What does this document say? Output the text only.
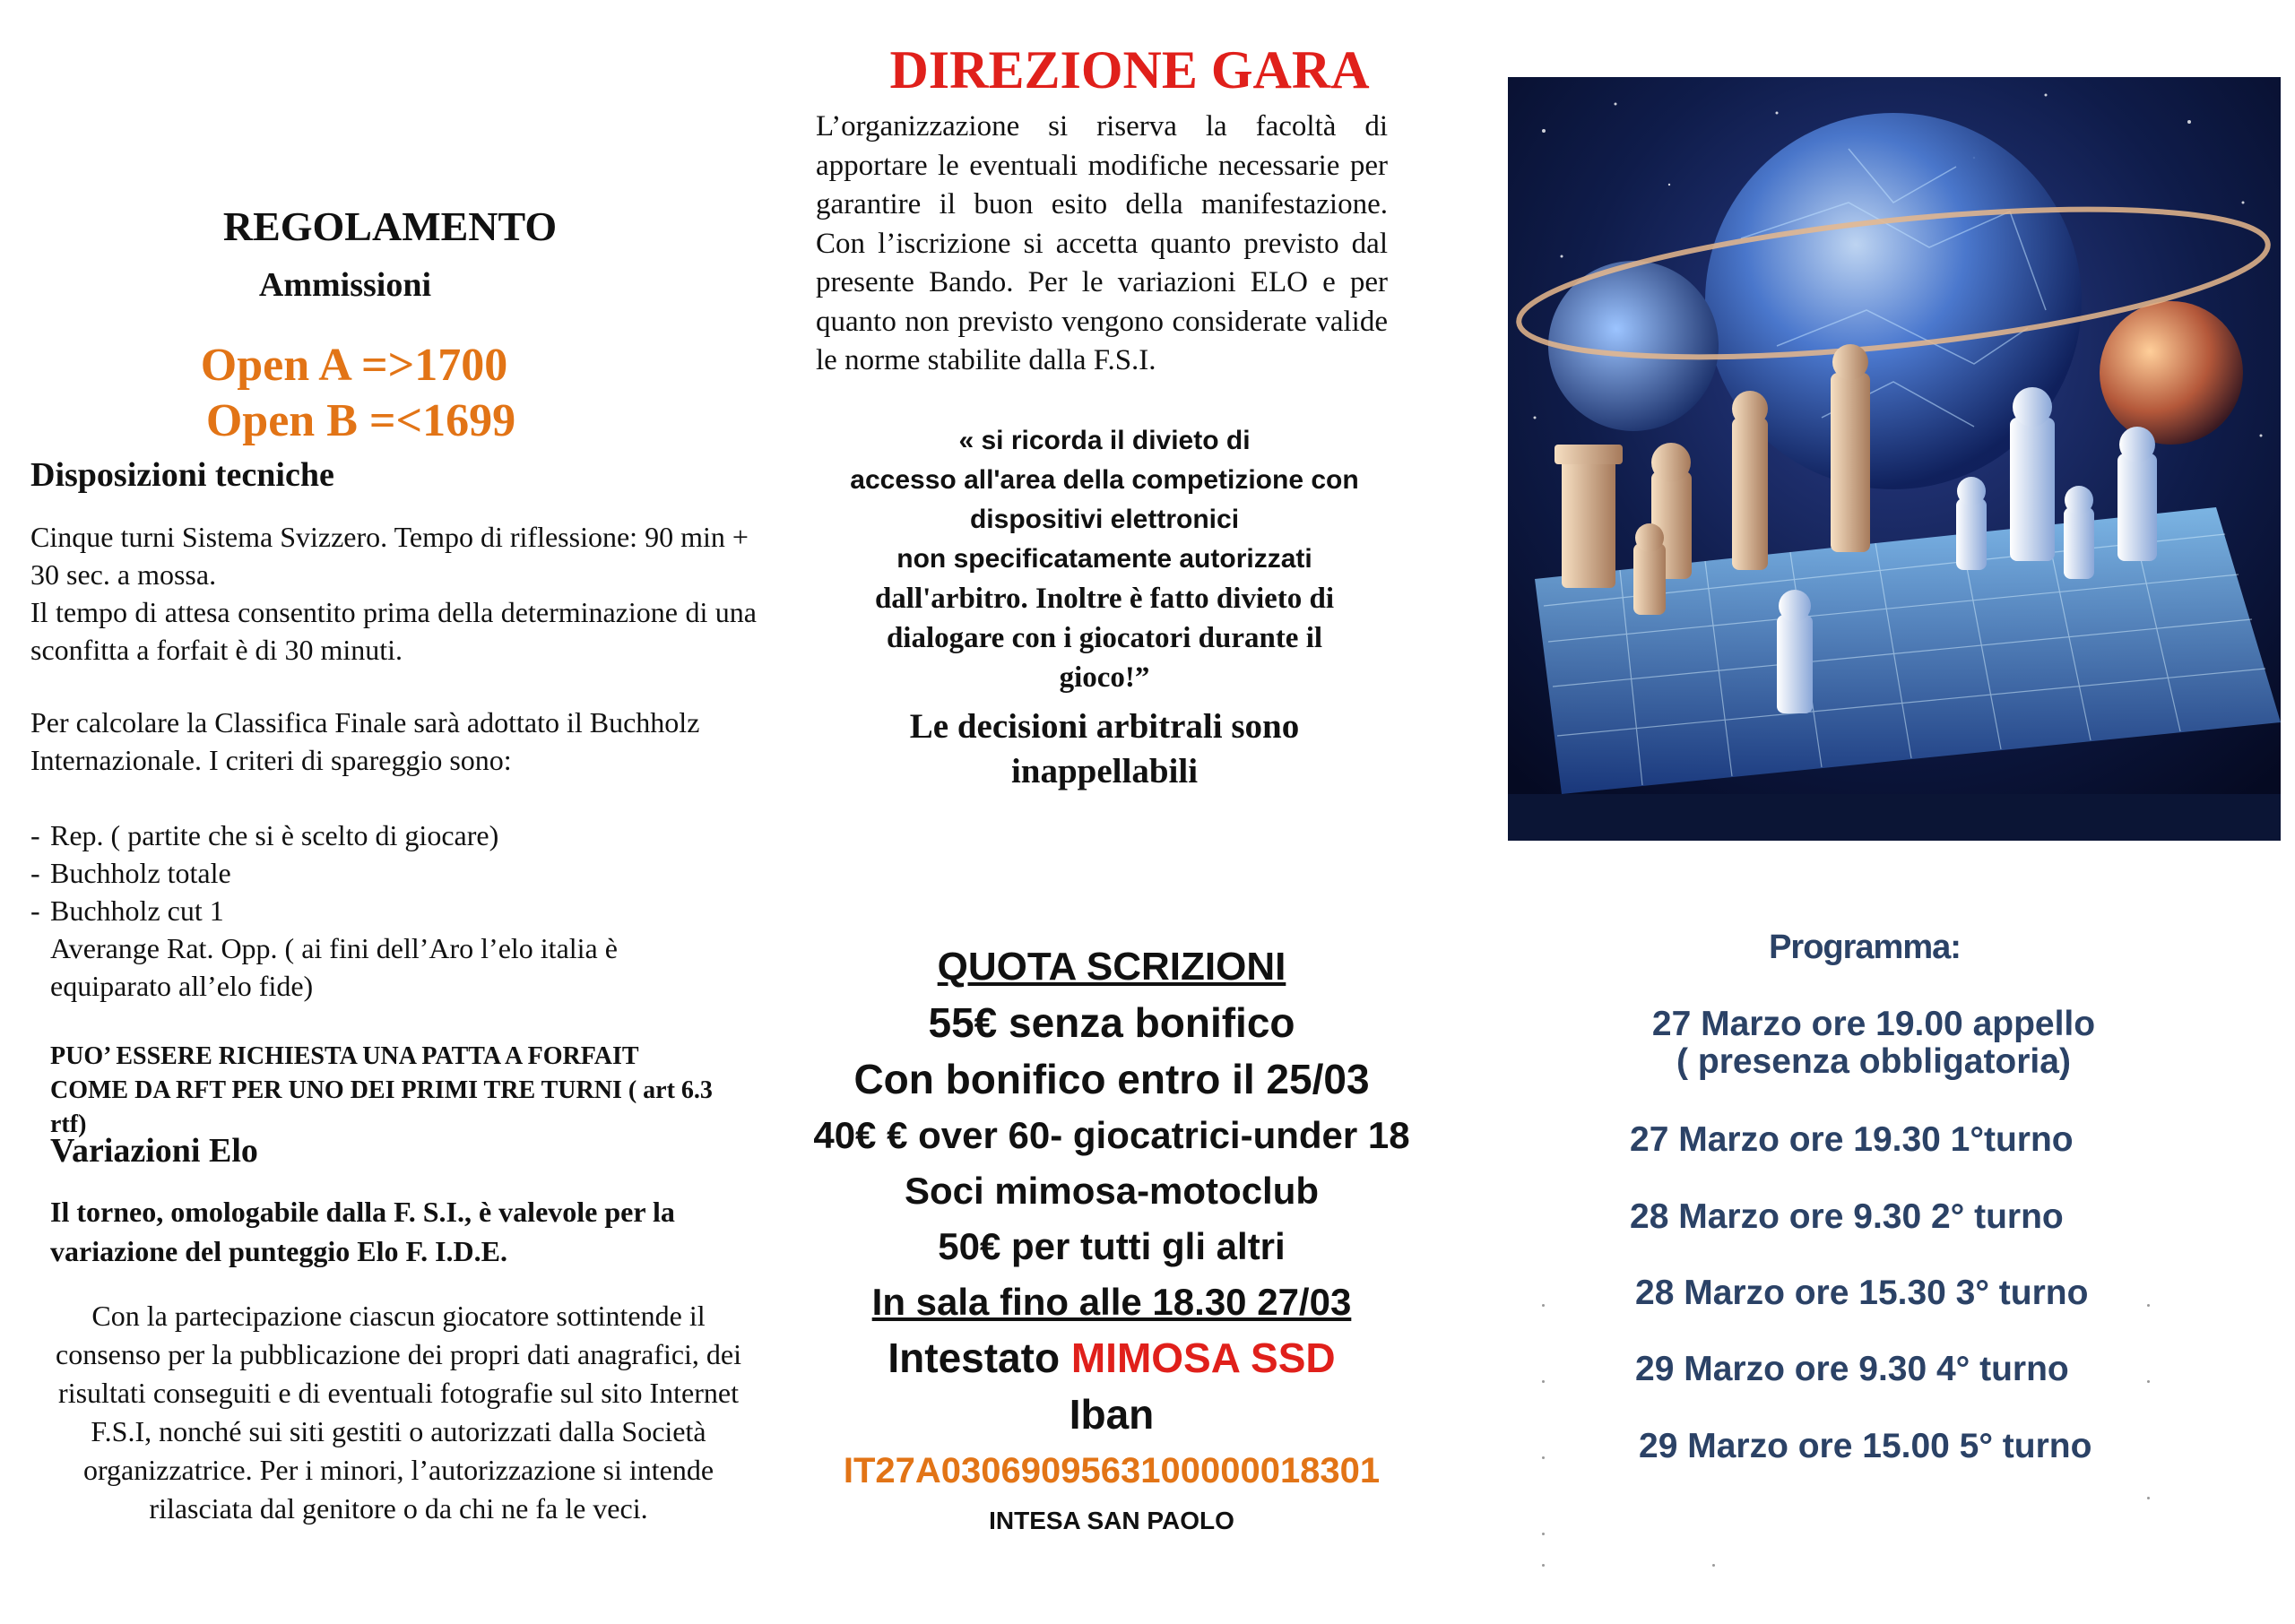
REGOLAMENTO
Ammissioni
Open A =>1700
Open B =<1699
Disposizioni tecniche
Cinque turni Sistema Svizzero. Tempo di riflessione: 90 min + 30 sec. a mossa.
Il tempo di attesa consentito prima della determinazione di una sconfitta a forfait è di 30 minuti.
Per calcolare la Classifica Finale sarà adottato il Buchholz Internazionale. I criteri di spareggio sono:
- Rep. ( partite che si è scelto di giocare)
- Buchholz totale
- Buchholz cut 1
Averange Rat. Opp. ( ai fini dell’Aro l’elo italia è equiparato all’elo fide)
PUO’ ESSERE RICHIESTA UNA PATTA A FORFAIT COME DA RFT PER UNO DEI PRIMI TRE TURNI ( art 6.3 rtf)
Variazioni Elo
Il torneo, omologabile dalla F. S.I., è valevole per la variazione del punteggio Elo F. I.D.E.
Con la partecipazione ciascun giocatore sottintende il consenso per la pubblicazione dei propri dati anagrafici, dei risultati conseguiti e di eventuali fotografie sul sito Internet F.S.I, nonché sui siti gestiti o autorizzati dalla Società organizzatrice. Per i minori, l’autorizzazione si intende rilasciata dal genitore o da chi ne fa le veci.
DIREZIONE GARA
L’organizzazione si riserva la facoltà di apportare le eventuali modifiche necessarie per garantire il buon esito della manifestazione. Con l’iscrizione si accetta quanto previsto dal presente Bando. Per le variazioni ELO e per quanto non previsto vengono considerate valide le norme stabilite dalla F.S.I.
« si ricorda il divieto di
accesso all'area della competizione con
dispositivi elettronici
non specificatamente autorizzati
dall'arbitro. Inoltre è fatto divieto di
dialogare con i giocatori durante il
gioco!”
Le decisioni arbitrali sono inappellabili
QUOTA SCRIZIONI
55€ senza bonifico
Con bonifico entro il 25/03
40€ € over 60- giocatrici-under 18
Soci mimosa-motoclub
50€ per tutti gli altri
In sala fino alle 18.30 27/03
Intestato MIMOSA SSD
Iban
IT27A0306909563100000018301
INTESA SAN PAOLO
Programma:
27 Marzo ore 19.00 appello
( presenza obbligatoria)
27 Marzo ore 19.30 1°turno
28 Marzo ore 9.30 2° turno
28 Marzo ore 15.30 3° turno
29 Marzo ore 9.30 4° turno
29 Marzo ore 15.00 5° turno
